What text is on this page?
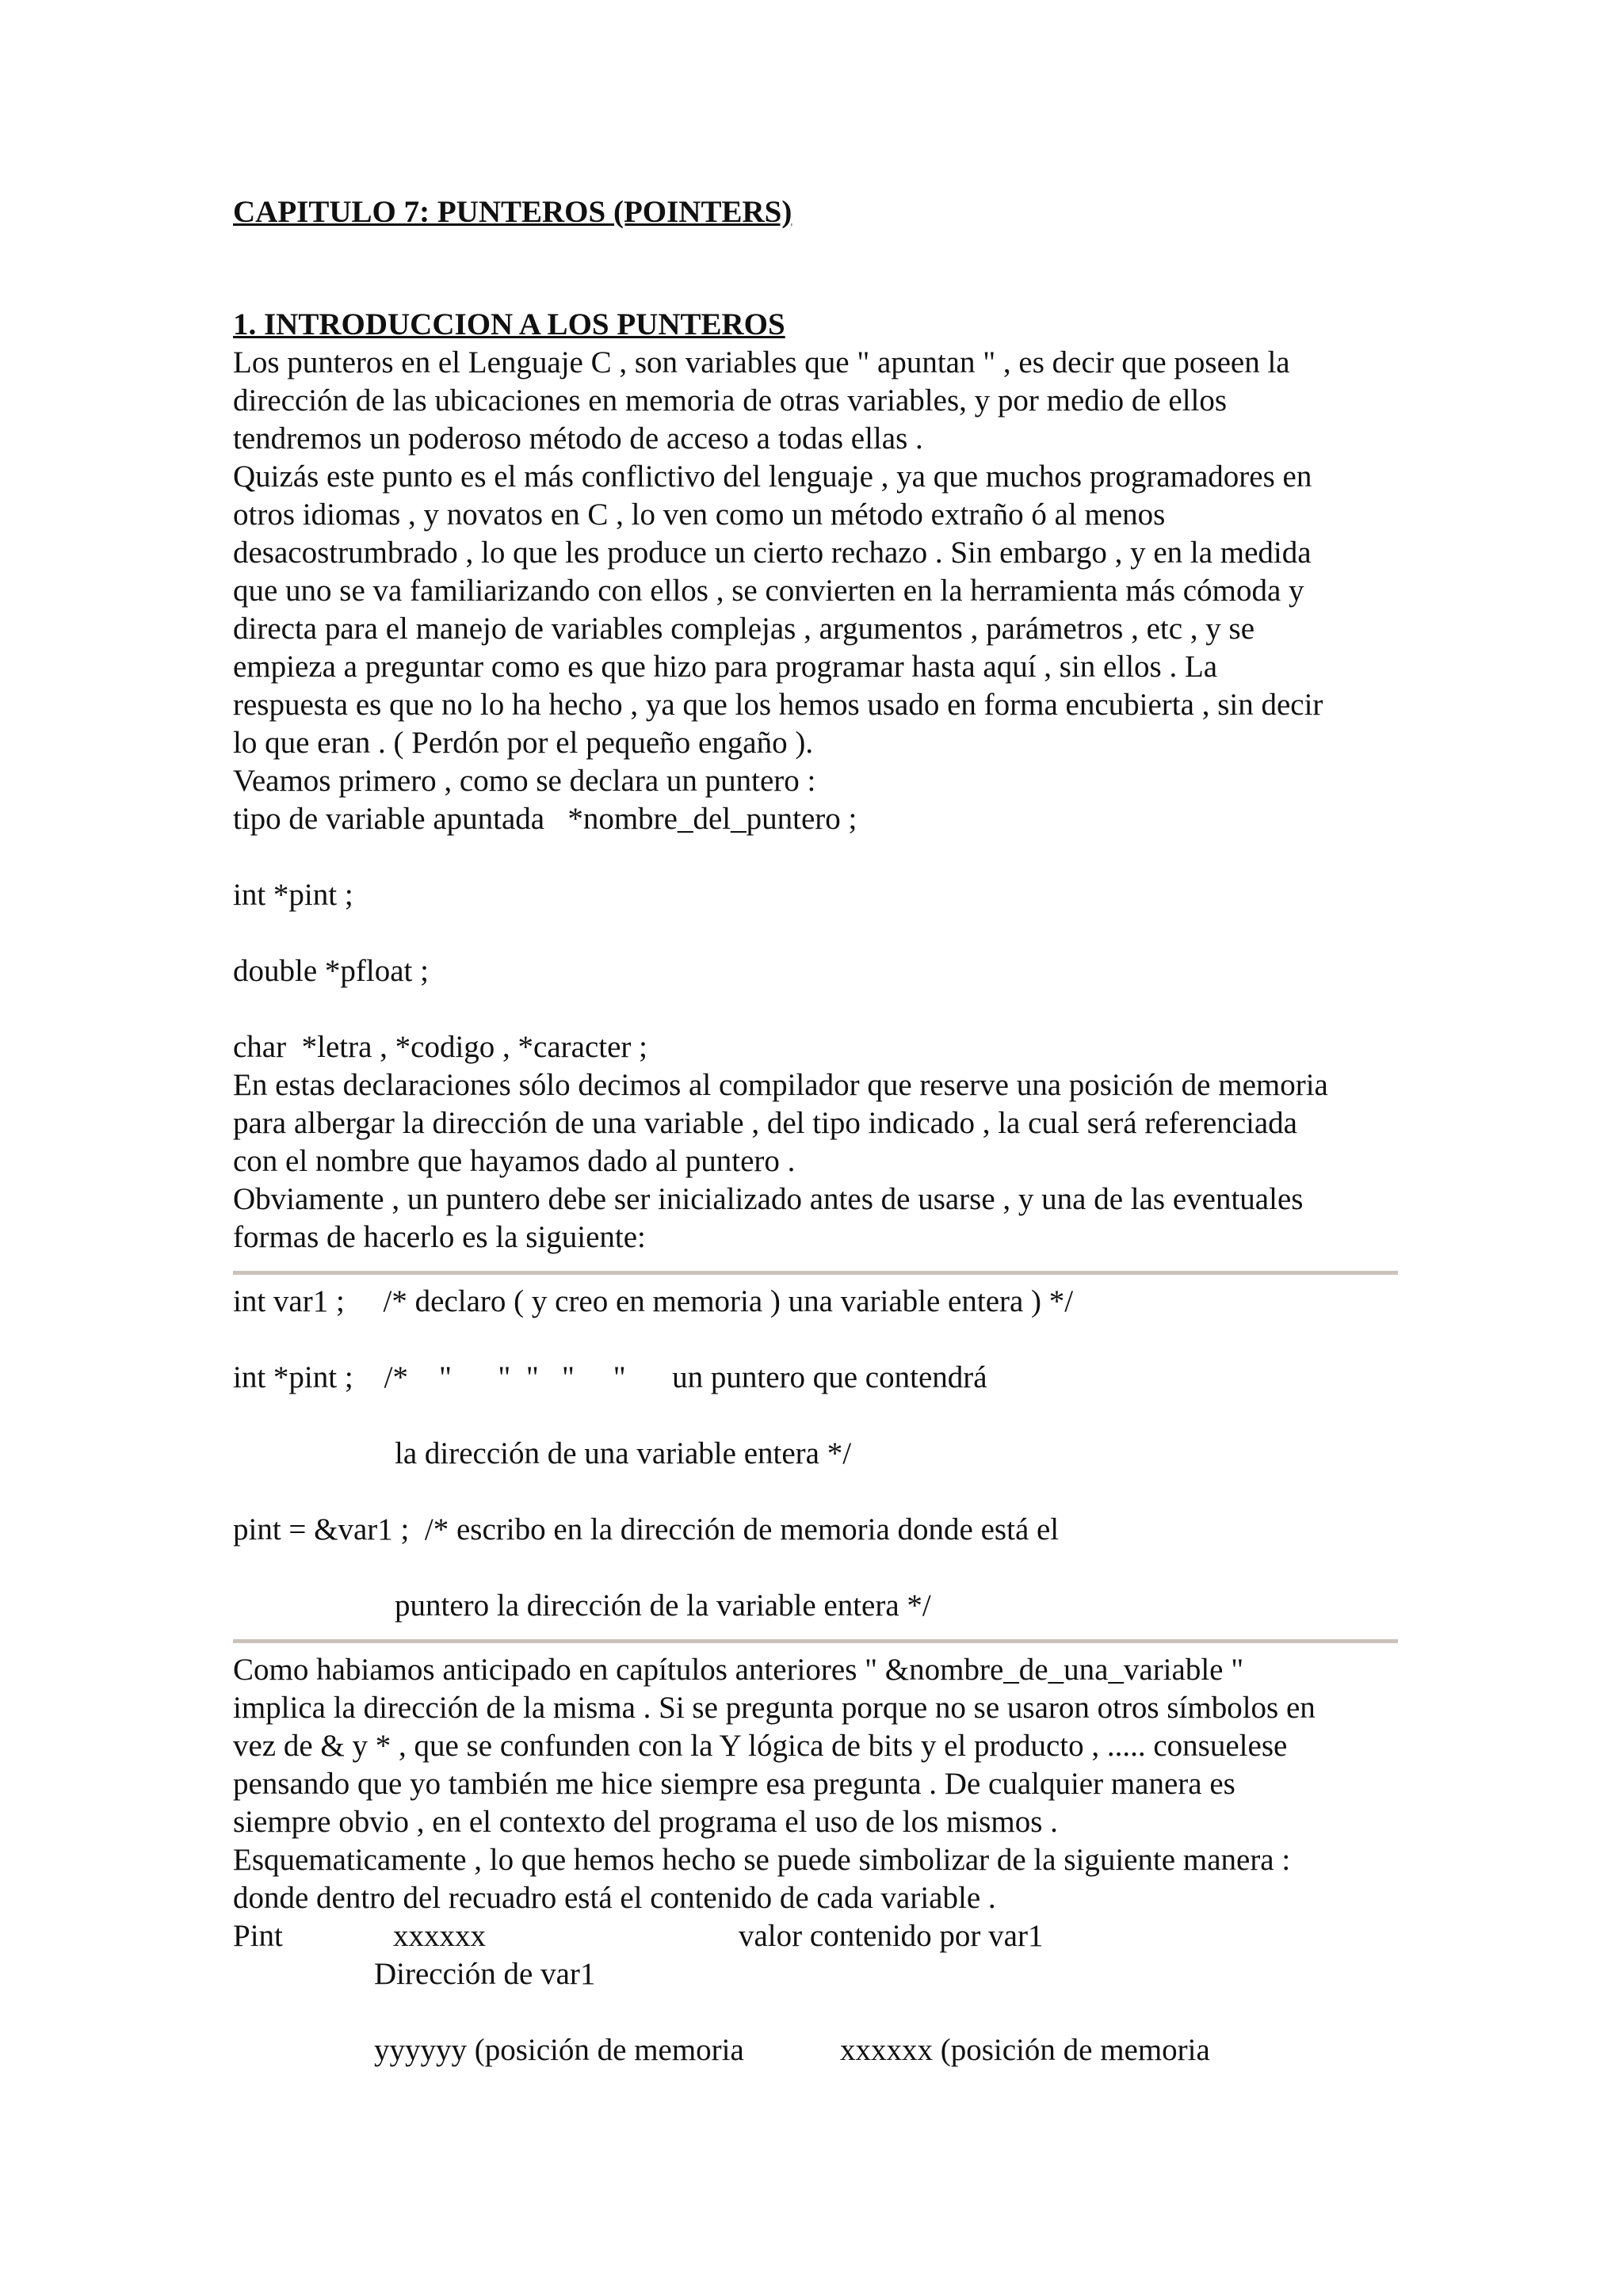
CAPITULO 7: PUNTEROS (POINTERS)

1. INTRODUCCION A LOS PUNTEROS

Los punteros en el Lenguaje C , son variables que " apuntan " , es decir que poseen la

dirección de las ubicaciones en memoria de otras variables, y por medio de ellos

tendremos un poderoso método de acceso a todas ellas .

Quizás este punto es el más conflictivo del lenguaje , ya que muchos programadores en

otros idiomas , y novatos en C , lo ven como un método extraño ó al menos

desacostrumbrado , lo que les produce un cierto rechazo . Sin embargo , y en la medida

que uno se va familiarizando con ellos , se convierten en la herramienta más cómoda y

directa para el manejo de variables complejas , argumentos , parámetros , etc , y se

empieza a preguntar como es que hizo para programar hasta aquí , sin ellos . La

respuesta es que no lo ha hecho , ya que los hemos usado en forma encubierta , sin decir

lo que eran . ( Perdón por el pequeño engaño ).

Veamos primero , como se declara un puntero :

tipo de variable apuntada   *nombre_del_puntero ;

int *pint ;

double *pfloat ;

char  *letra , *codigo , *caracter ;

En estas declaraciones sólo decimos al compilador que reserve una posición de memoria

para albergar la dirección de una variable , del tipo indicado , la cual será referenciada

con el nombre que hayamos dado al puntero .

Obviamente , un puntero debe ser inicializado antes de usarse , y una de las eventuales

formas de hacerlo es la siguiente:

int var1 ;     /* declaro ( y creo en memoria ) una variable entera ) */

int *pint ;    /*    "      "  "   "     "      un puntero que contendrá

la dirección de una variable entera */

pint = &var1 ;  /* escribo en la dirección de memoria donde está el

puntero la dirección de la variable entera */

Como habiamos anticipado en capítulos anteriores " &nombre_de_una_variable "

implica la dirección de la misma . Si se pregunta porque no se usaron otros símbolos en

vez de & y * , que se confunden con la Y lógica de bits y el producto , ..... consuelese

pensando que yo también me hice siempre esa pregunta . De cualquier manera es

siempre obvio , en el contexto del programa el uso de los mismos .

Esquematicamente , lo que hemos hecho se puede simbolizar de la siguiente manera :

donde dentro del recuadro está el contenido de cada variable .

Pint	xxxxxx	valor contenido por var1
Dirección de var1
yyyyyy (posición de memoria	xxxxxx (posición de memoria
